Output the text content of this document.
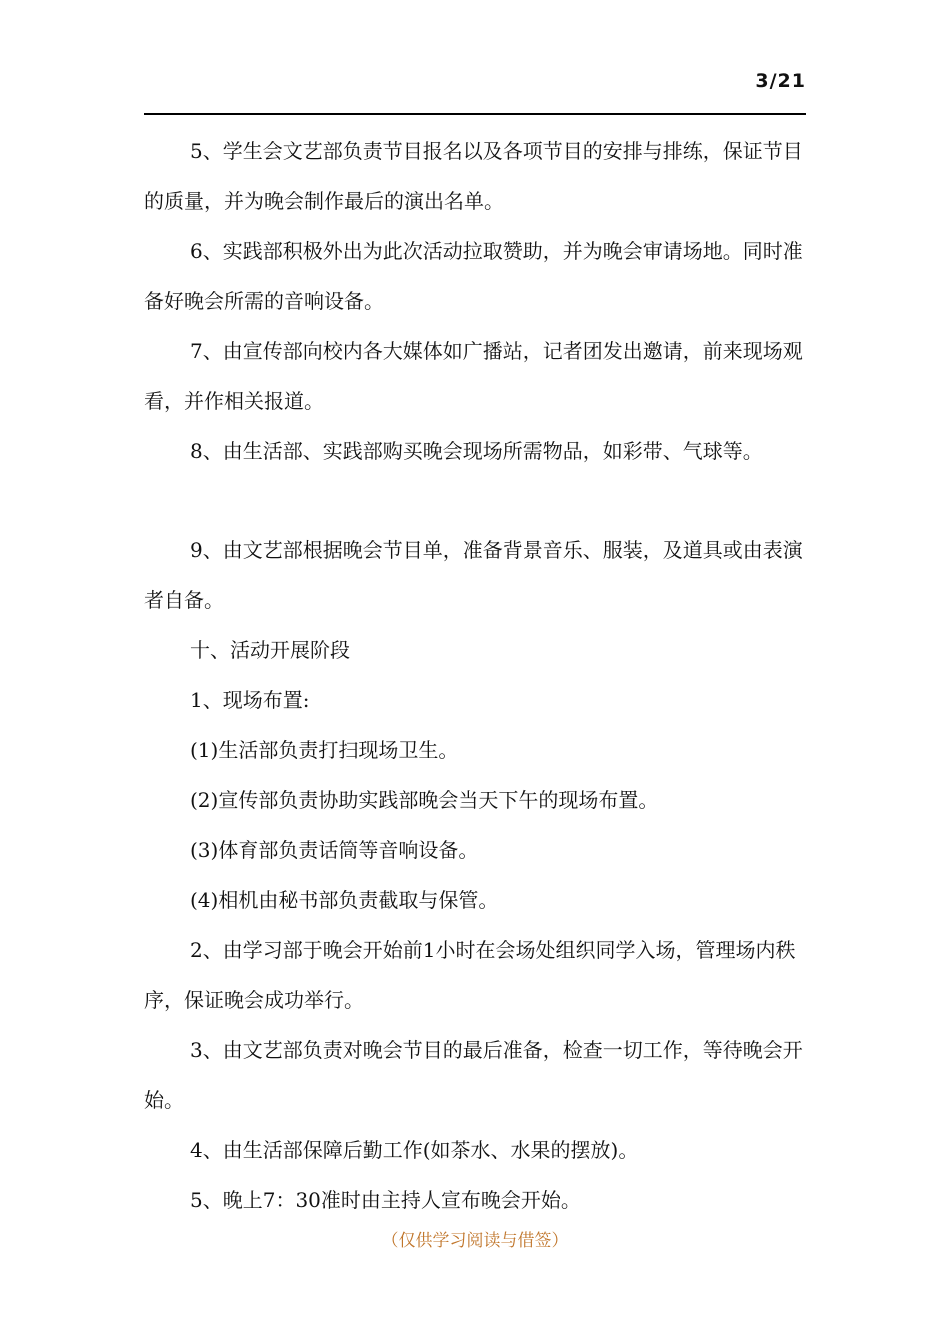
3/21

5、学生会文艺部负责节目报名以及各项节目的安排与排练，保证节目的质量，并为晚会制作最后的演出名单。

6、实践部积极外出为此次活动拉取赞助，并为晚会审请场地。同时准备好晚会所需的音响设备。

7、由宣传部向校内各大媒体如广播站，记者团发出邀请，前来现场观看，并作相关报道。

8、由生活部、实践部购买晚会现场所需物品，如彩带、气球等。

9、由文艺部根据晚会节目单，准备背景音乐、服装，及道具或由表演者自备。

十、活动开展阶段

1、现场布置:

(1)生活部负责打扫现场卫生。

(2)宣传部负责协助实践部晚会当天下午的现场布置。

(3)体育部负责话筒等音响设备。

(4)相机由秘书部负责截取与保管。

2、由学习部于晚会开始前1小时在会场处组织同学入场，管理场内秩序，保证晚会成功举行。

3、由文艺部负责对晚会节目的最后准备，检查一切工作，等待晚会开始。

4、由生活部保障后勤工作(如茶水、水果的摆放)。

5、晚上7：30准时由主持人宣布晚会开始。

（仅供学习阅读与借签）
